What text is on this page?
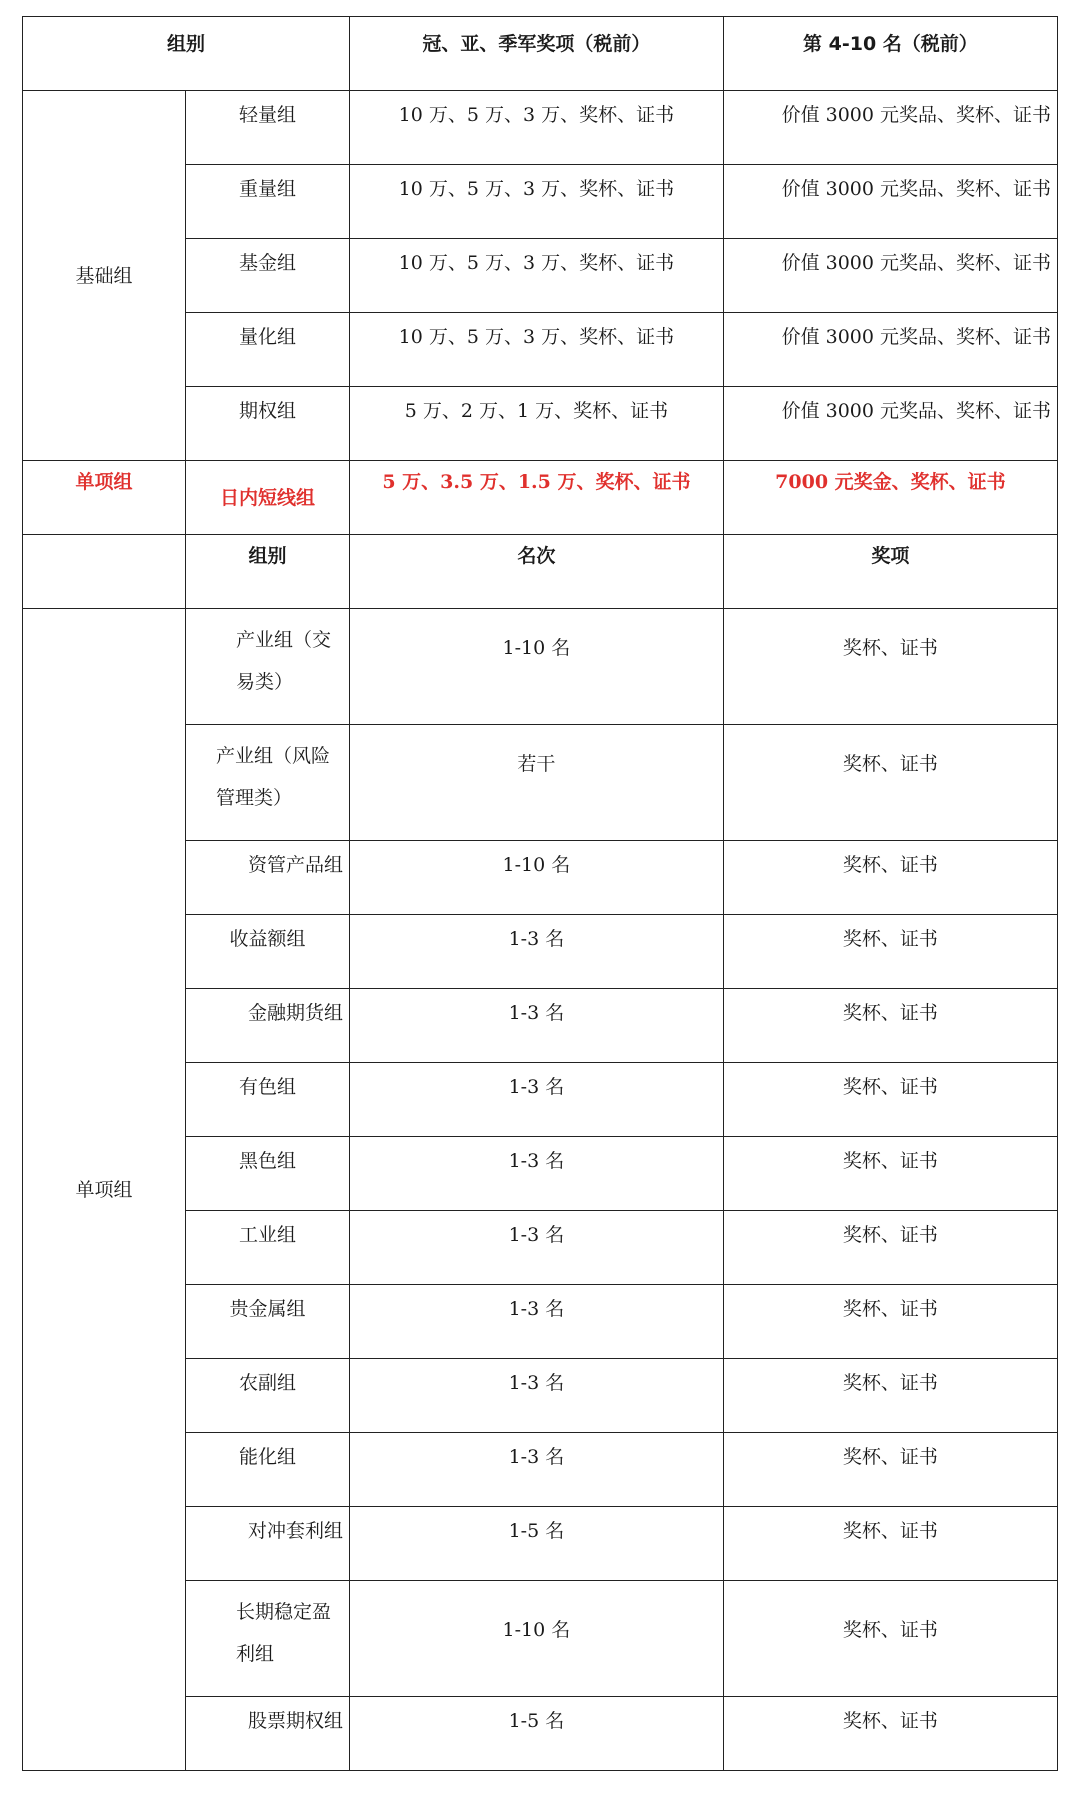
组别		冠、亚、季军奖项（税前）	第 4-10 名（税前）
基础组	轻量组	10 万、5 万、3 万、奖杯、证书	价值 3000 元奖品、奖杯、证书
	重量组	10 万、5 万、3 万、奖杯、证书	价值 3000 元奖品、奖杯、证书
	基金组	10 万、5 万、3 万、奖杯、证书	价值 3000 元奖品、奖杯、证书
	量化组	10 万、5 万、3 万、奖杯、证书	价值 3000 元奖品、奖杯、证书
	期权组	5 万、2 万、1 万、奖杯、证书	价值 3000 元奖品、奖杯、证书
单项组	日内短线组	5 万、3.5 万、1.5 万、奖杯、证书	7000 元奖金、奖杯、证书
	组别	名次	奖项
单项组	产业组（交易类）	1-10 名	奖杯、证书
	产业组（风险管理类）	若干	奖杯、证书
	资管产品组	1-10 名	奖杯、证书
	收益额组	1-3 名	奖杯、证书
	金融期货组	1-3 名	奖杯、证书
	有色组	1-3 名	奖杯、证书
	黑色组	1-3 名	奖杯、证书
	工业组	1-3 名	奖杯、证书
	贵金属组	1-3 名	奖杯、证书
	农副组	1-3 名	奖杯、证书
	能化组	1-3 名	奖杯、证书
	对冲套利组	1-5 名	奖杯、证书
	长期稳定盈利组	1-10 名	奖杯、证书
	股票期权组	1-5 名	奖杯、证书
